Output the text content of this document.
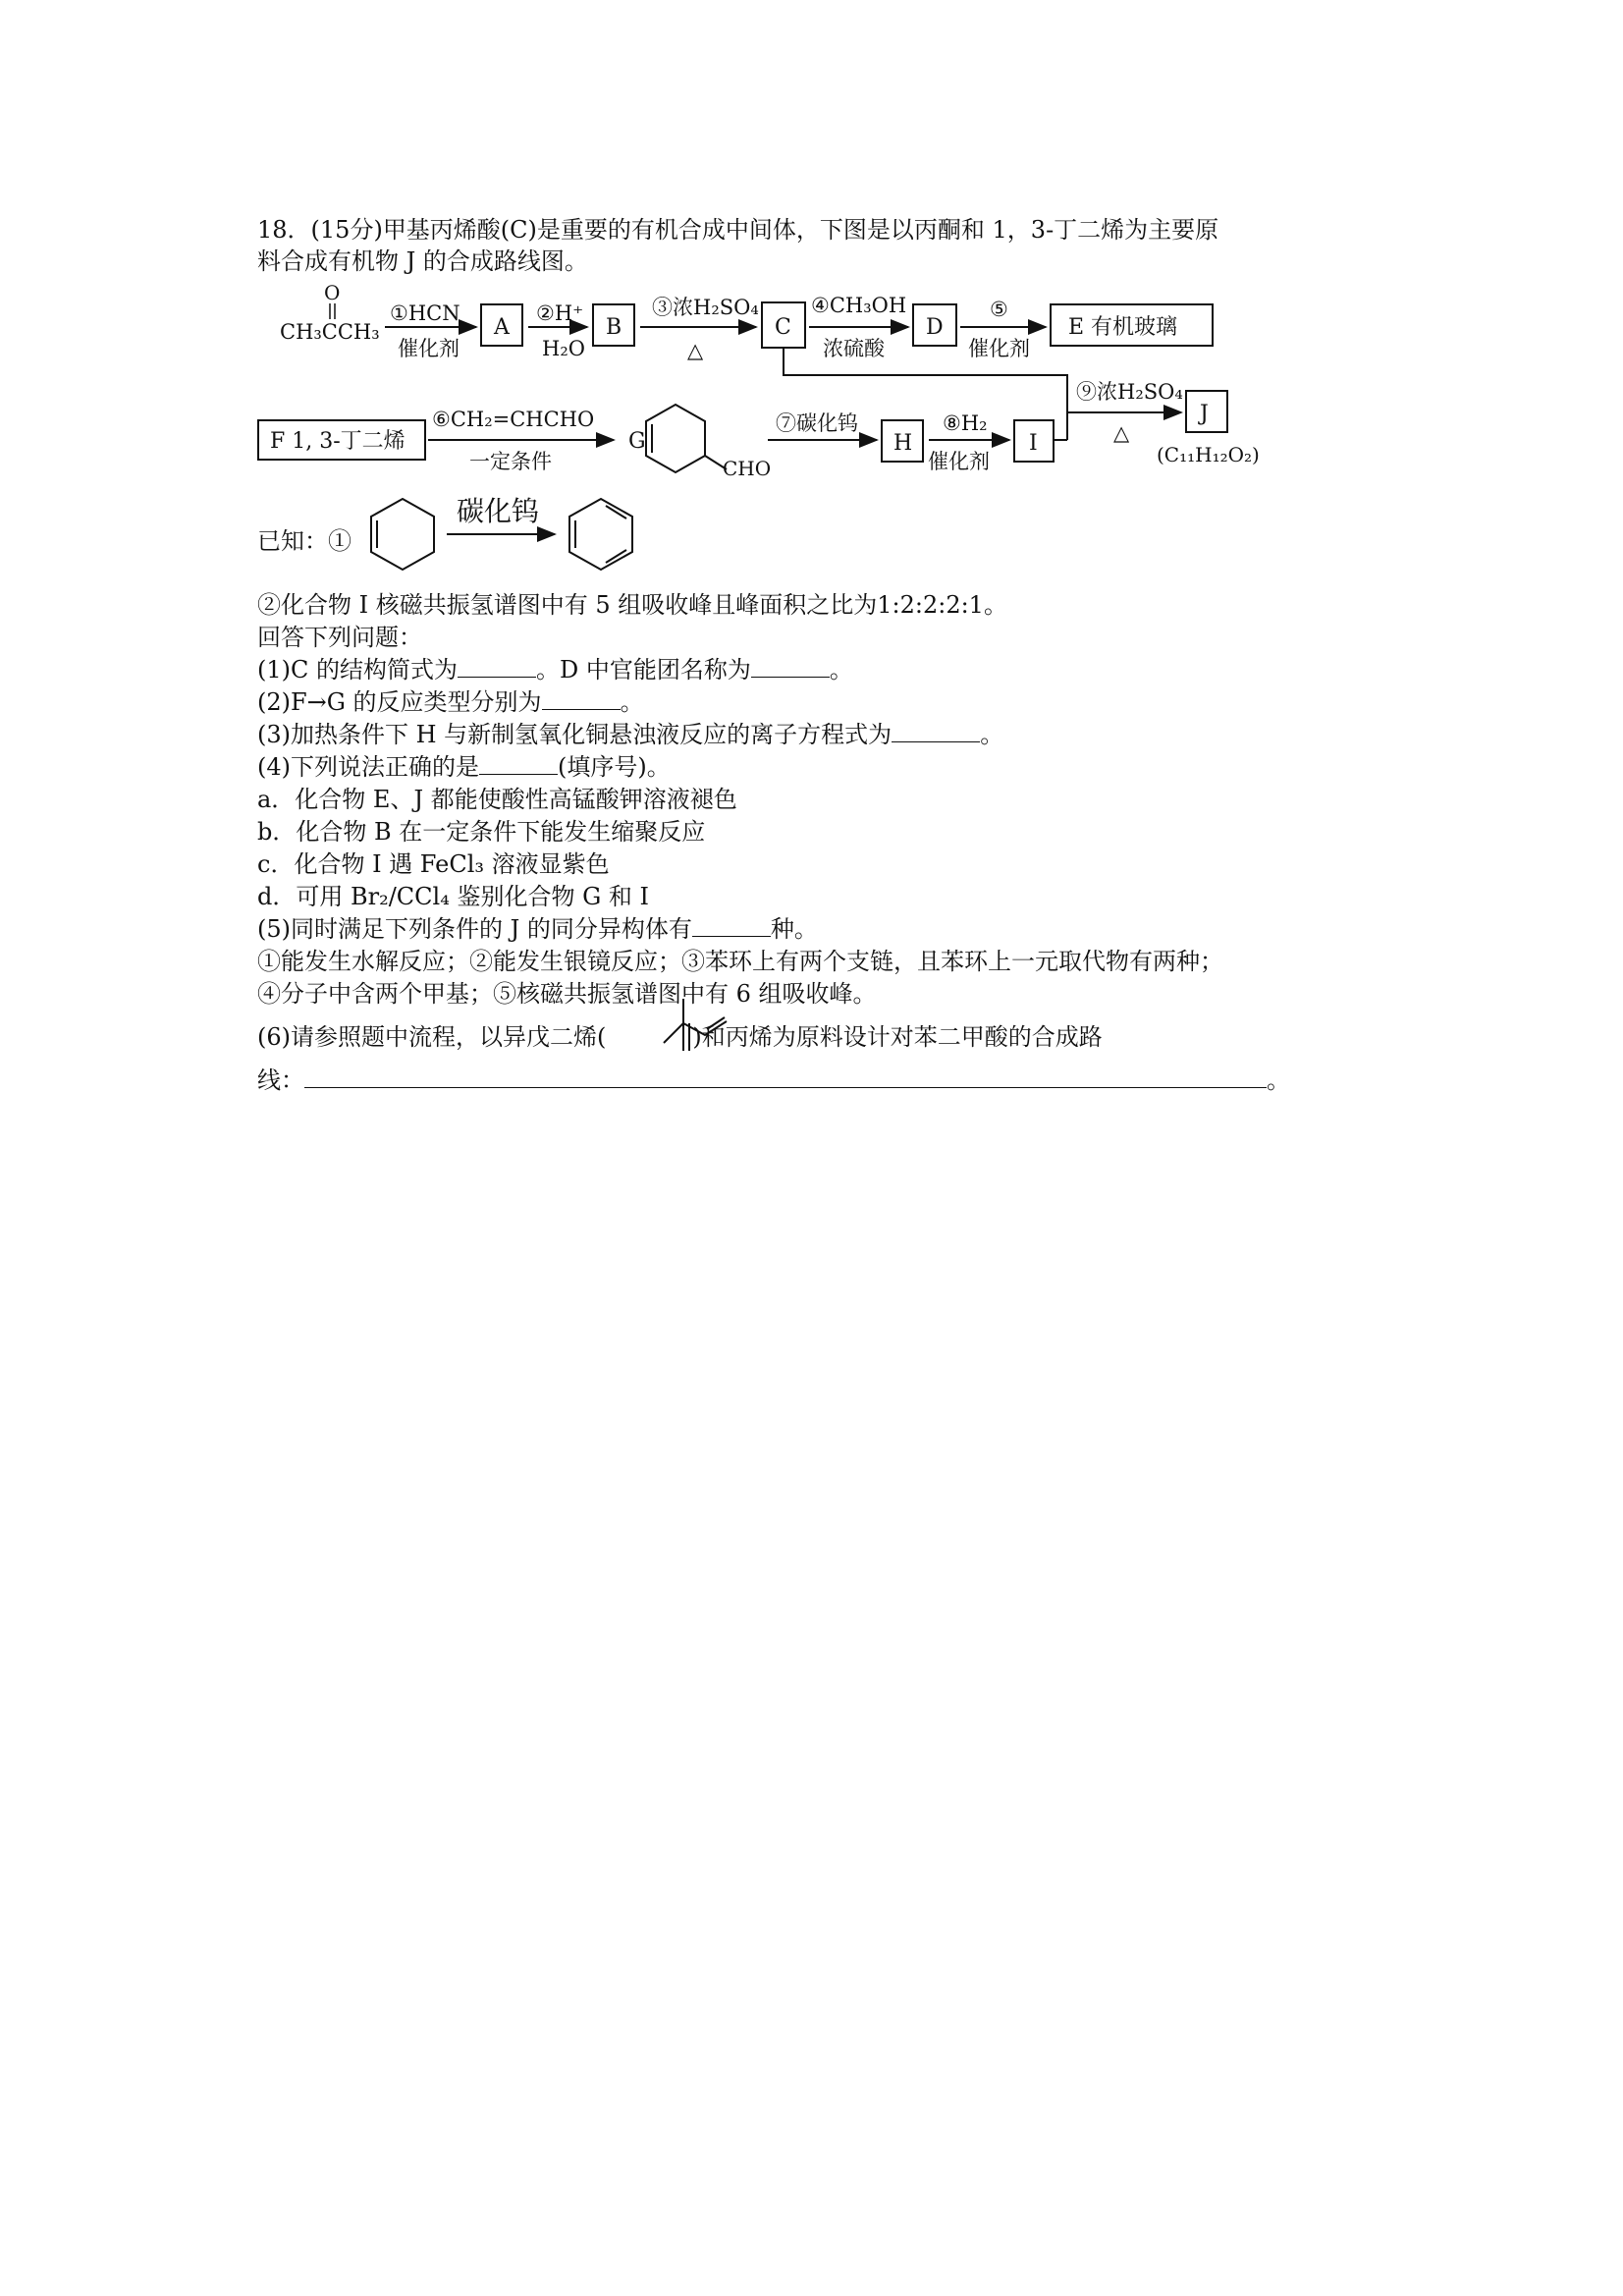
18．(15分)甲基丙烯酸(C)是重要的有机合成中间体，下图是以丙酮和 1，3-丁二烯为主要原
料合成有机物 J 的合成路线图。
O
CH₃CCH₃
①HCN
催化剂
A
②H⁺
H₂O
B
③浓H₂SO₄
△
C
④CH₃OH
浓硫酸
D
⑤
催化剂
E 有机玻璃
F 1, 3-丁二烯
⑥CH₂=CHCHO
一定条件
G
CHO
⑦碳化钨
H
⑧H₂
催化剂
I
⑨浓H₂SO₄
△
J
(C₁₁H₁₂O₂)
已知：①
碳化钨
②化合物 I 核磁共振氢谱图中有 5 组吸收峰且峰面积之比为1:2:2:2:1。
回答下列问题：
(1)C 的结构简式为	。D 中官能团名称为	。
(2)F→G 的反应类型分别为	。
(3)加热条件下 H 与新制氢氧化铜悬浊液反应的离子方程式为	。
(4)下列说法正确的是	(填序号)。
a．化合物 E、J 都能使酸性高锰酸钾溶液褪色
b．化合物 B 在一定条件下能发生缩聚反应
c．化合物 I 遇 FeCl₃ 溶液显紫色
d．可用 Br₂/CCl₄ 鉴别化合物 G 和 I
(5)同时满足下列条件的 J 的同分异构体有	种。
①能发生水解反应；②能发生银镜反应；③苯环上有两个支链，且苯环上一元取代物有两种；
④分子中含两个甲基；⑤核磁共振氢谱图中有 6 组吸收峰。
(6)请参照题中流程，以异戊二烯(	)和丙烯为原料设计对苯二甲酸的合成路
线：	。
